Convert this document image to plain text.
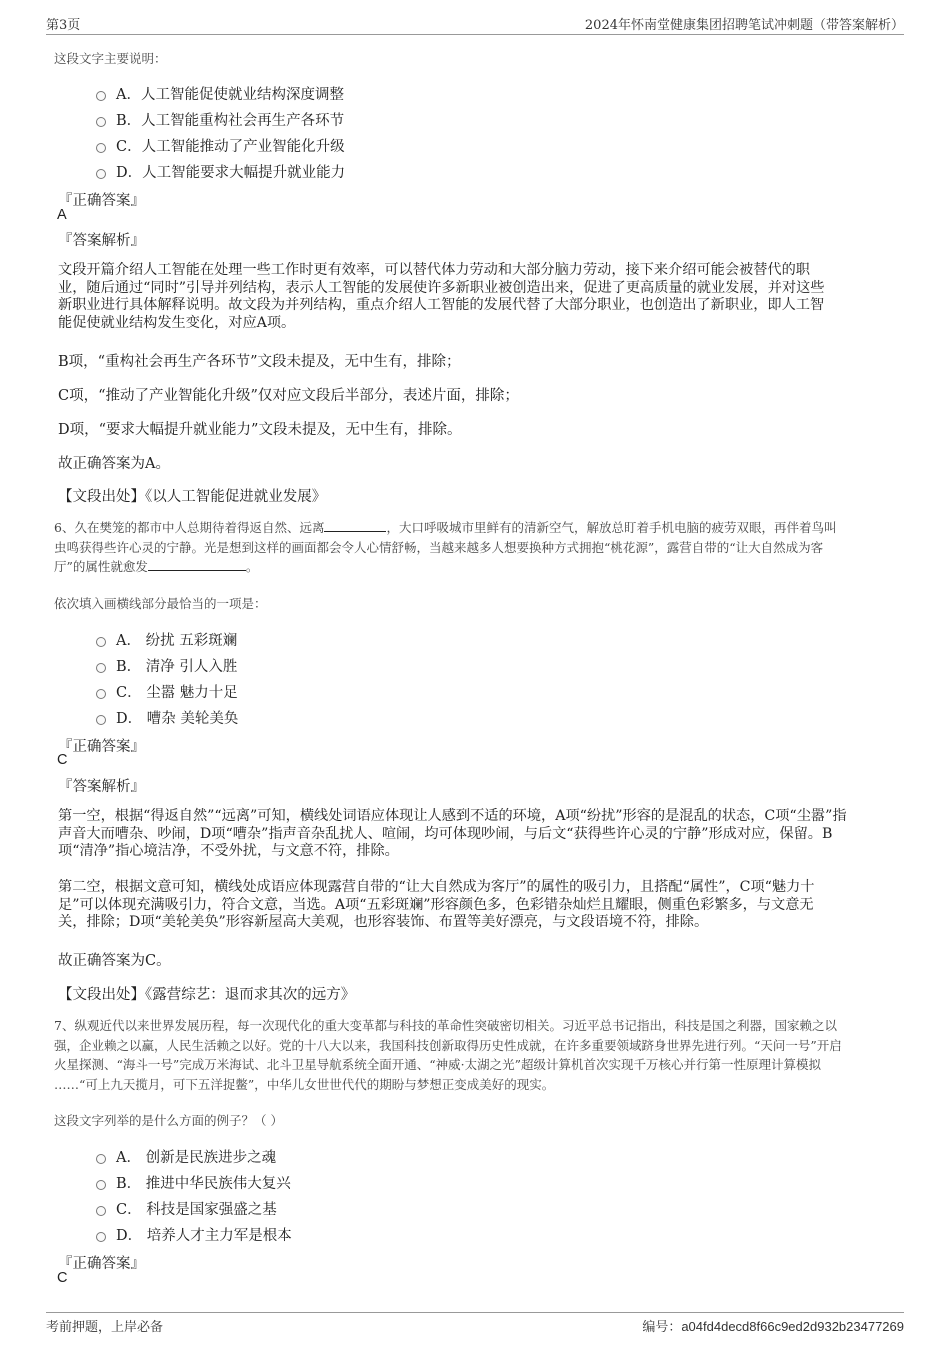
第3页	2024年怀南堂健康集团招聘笔试冲刺题（带答案解析）
这段文字主要说明：
A．人工智能促使就业结构深度调整
B．人工智能重构社会再生产各环节
C．人工智能推动了产业智能化升级
D．人工智能要求大幅提升就业能力
『正确答案』
A
『答案解析』
文段开篇介绍人工智能在处理一些工作时更有效率，可以替代体力劳动和大部分脑力劳动，接下来介绍可能会被替代的职
业，随后通过“同时”引导并列结构，表示人工智能的发展使许多新职业被创造出来，促进了更高质量的就业发展，并对这些
新职业进行具体解释说明。故文段为并列结构，重点介绍人工智能的发展代替了大部分职业，也创造出了新职业，即人工智
能促使就业结构发生变化，对应A项。
B项，“重构社会再生产各环节”文段未提及，无中生有，排除；
C项，“推动了产业智能化升级”仅对应文段后半部分，表述片面，排除；
D项，“要求大幅提升就业能力”文段未提及，无中生有，排除。
故正确答案为A。
【文段出处】《以人工智能促进就业发展》
6、久在樊笼的都市中人总期待着得返自然、远离	，大口呼吸城市里鲜有的清新空气，解放总盯着手机电脑的疲劳双眼，再伴着鸟叫
虫鸣获得些许心灵的宁静。光是想到这样的画面都会令人心情舒畅，当越来越多人想要换种方式拥抱“桃花源”，露营自带的“让大自然成为客
厅”的属性就愈发	。
依次填入画横线部分最恰当的一项是：
A． 纷扰 五彩斑斓
B． 清净 引人入胜
C． 尘嚣 魅力十足
D． 嘈杂 美轮美奂
『正确答案』
C
『答案解析』
第一空，根据“得返自然”“远离”可知，横线处词语应体现让人感到不适的环境，A项“纷扰”形容的是混乱的状态，C项“尘嚣”指
声音大而嘈杂、吵闹，D项“嘈杂”指声音杂乱扰人、喧闹，均可体现吵闹，与后文“获得些许心灵的宁静”形成对应，保留。B
项“清净”指心境洁净，不受外扰，与文意不符，排除。
第二空，根据文意可知，横线处成语应体现露营自带的“让大自然成为客厅”的属性的吸引力，且搭配“属性”，C项“魅力十
足”可以体现充满吸引力，符合文意，当选。A项“五彩斑斓”形容颜色多，色彩错杂灿烂且耀眼，侧重色彩繁多，与文意无
关，排除；D项“美轮美奂”形容新屋高大美观，也形容装饰、布置等美好漂亮，与文段语境不符，排除。
故正确答案为C。
【文段出处】《露营综艺：退而求其次的远方》
7、纵观近代以来世界发展历程，每一次现代化的重大变革都与科技的革命性突破密切相关。习近平总书记指出，科技是国之利器，国家赖之以
强，企业赖之以赢，人民生活赖之以好。党的十八大以来，我国科技创新取得历史性成就，在许多重要领域跻身世界先进行列。“天问一号”开启
火星探测、“海斗一号”完成万米海试、北斗卫星导航系统全面开通、“神威·太湖之光”超级计算机首次实现千万核心并行第一性原理计算模拟
……“可上九天揽月，可下五洋捉鳖”，中华儿女世世代代的期盼与梦想正变成美好的现实。
这段文字列举的是什么方面的例子？（ ）
A． 创新是民族进步之魂
B． 推进中华民族伟大复兴
C． 科技是国家强盛之基
D． 培养人才主力军是根本
『正确答案』
C
考前押题，上岸必备	编号：a04fd4decd8f66c9ed2d932b23477269
